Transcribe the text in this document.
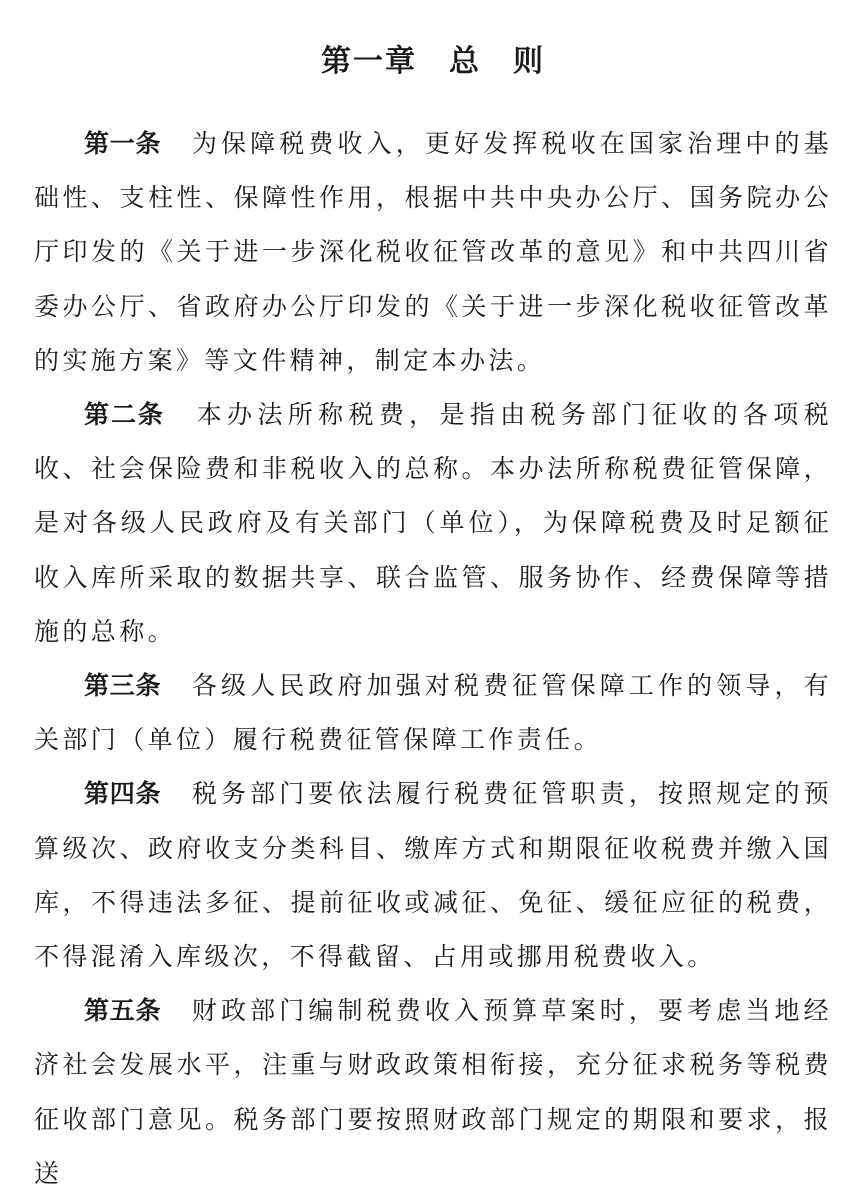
第一章　总　则

第一条 为保障税费收入，更好发挥税收在国家治理中的基础性、支柱性、保障性作用，根据中共中央办公厅、国务院办公厅印发的《关于进一步深化税收征管改革的意见》和中共四川省委办公厅、省政府办公厅印发的《关于进一步深化税收征管改革的实施方案》等文件精神，制定本办法。

第二条 本办法所称税费，是指由税务部门征收的各项税收、社会保险费和非税收入的总称。本办法所称税费征管保障，是对各级人民政府及有关部门（单位），为保障税费及时足额征收入库所采取的数据共享、联合监管、服务协作、经费保障等措施的总称。

第三条 各级人民政府加强对税费征管保障工作的领导，有关部门（单位）履行税费征管保障工作责任。

第四条 税务部门要依法履行税费征管职责，按照规定的预算级次、政府收支分类科目、缴库方式和期限征收税费并缴入国库，不得违法多征、提前征收或减征、免征、缓征应征的税费，不得混淆入库级次，不得截留、占用或挪用税费收入。

第五条 财政部门编制税费收入预算草案时，要考虑当地经济社会发展水平，注重与财政政策相衔接，充分征求税务等税费征收部门意见。税务部门要按照财政部门规定的期限和要求，报送
